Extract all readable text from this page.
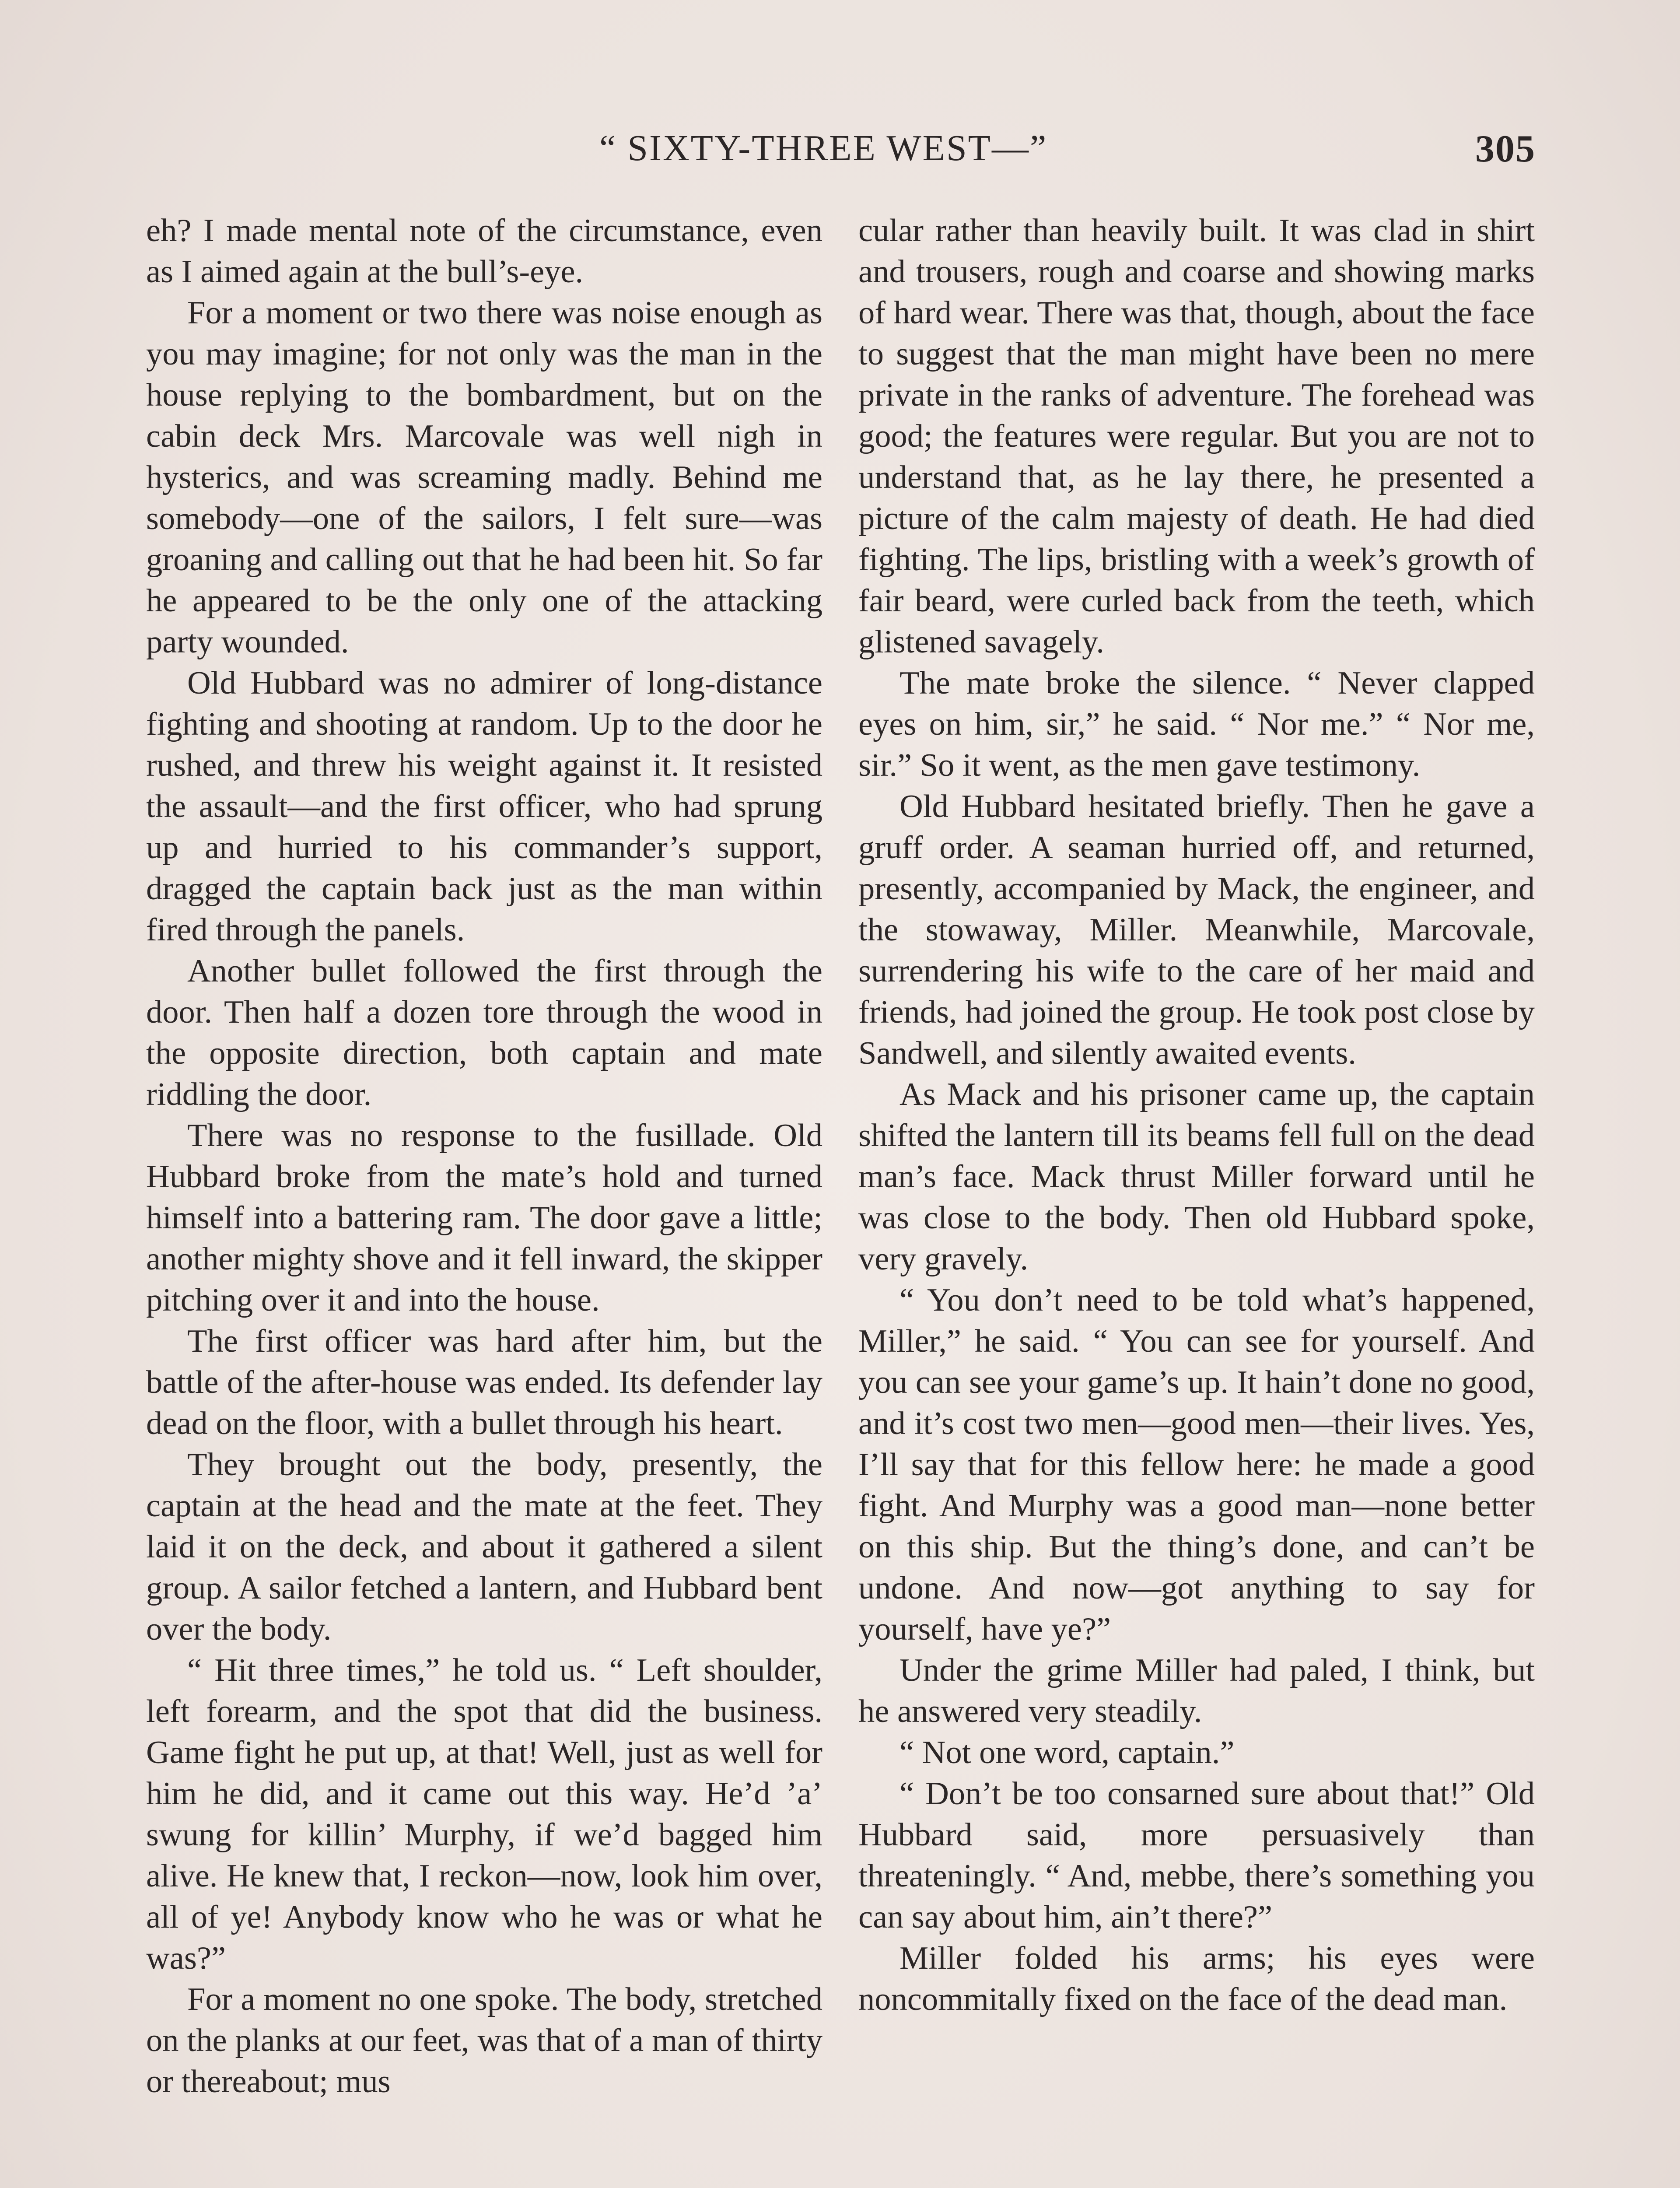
“ SIXTY-THREE WEST—”	305

eh? I made mental note of the circumstance, even as I aimed again at the bull’s-eye.

For a moment or two there was noise enough as you may imagine; for not only was the man in the house replying to the bombardment, but on the cabin deck Mrs. Marcovale was well nigh in hysterics, and was screaming madly. Behind me somebody—one of the sailors, I felt sure—was groaning and calling out that he had been hit. So far he appeared to be the only one of the attacking party wounded.

Old Hubbard was no admirer of long-distance fighting and shooting at random. Up to the door he rushed, and threw his weight against it. It resisted the assault—and the first officer, who had sprung up and hurried to his commander’s support, dragged the captain back just as the man within fired through the panels.

Another bullet followed the first through the door. Then half a dozen tore through the wood in the opposite direction, both captain and mate riddling the door.

There was no response to the fusillade. Old Hubbard broke from the mate’s hold and turned himself into a battering ram. The door gave a little; another mighty shove and it fell inward, the skipper pitching over it and into the house.

The first officer was hard after him, but the battle of the after-house was ended. Its defender lay dead on the floor, with a bullet through his heart.

They brought out the body, presently, the captain at the head and the mate at the feet. They laid it on the deck, and about it gathered a silent group. A sailor fetched a lantern, and Hubbard bent over the body.

“ Hit three times,” he told us. “ Left shoulder, left forearm, and the spot that did the business. Game fight he put up, at that! Well, just as well for him he did, and it came out this way. He’d ’a’ swung for killin’ Murphy, if we’d bagged him alive. He knew that, I reckon—now, look him over, all of ye! Anybody know who he was or what he was?”

For a moment no one spoke. The body, stretched on the planks at our feet, was that of a man of thirty or thereabout; mus

cular rather than heavily built. It was clad in shirt and trousers, rough and coarse and showing marks of hard wear. There was that, though, about the face to suggest that the man might have been no mere private in the ranks of adventure. The forehead was good; the features were regular. But you are not to understand that, as he lay there, he presented a picture of the calm majesty of death. He had died fighting. The lips, bristling with a week’s growth of fair beard, were curled back from the teeth, which glistened savagely.

The mate broke the silence. “ Never clapped eyes on him, sir,” he said. “ Nor me.” “ Nor me, sir.” So it went, as the men gave testimony.

Old Hubbard hesitated briefly. Then he gave a gruff order. A seaman hurried off, and returned, presently, accompanied by Mack, the engineer, and the stowaway, Miller. Meanwhile, Marcovale, surrendering his wife to the care of her maid and friends, had joined the group. He took post close by Sandwell, and silently awaited events.

As Mack and his prisoner came up, the captain shifted the lantern till its beams fell full on the dead man’s face. Mack thrust Miller forward until he was close to the body. Then old Hubbard spoke, very gravely.

“ You don’t need to be told what’s happened, Miller,” he said. “ You can see for yourself. And you can see your game’s up. It hain’t done no good, and it’s cost two men—good men—their lives. Yes, I’ll say that for this fellow here: he made a good fight. And Murphy was a good man—none better on this ship. But the thing’s done, and can’t be undone. And now—got anything to say for yourself, have ye?”

Under the grime Miller had paled, I think, but he answered very steadily.

“ Not one word, captain.”

“ Don’t be too consarned sure about that!” Old Hubbard said, more persuasively than threateningly. “ And, mebbe, there’s something you can say about him, ain’t there?”

Miller folded his arms; his eyes were noncommitally fixed on the face of the dead man.
